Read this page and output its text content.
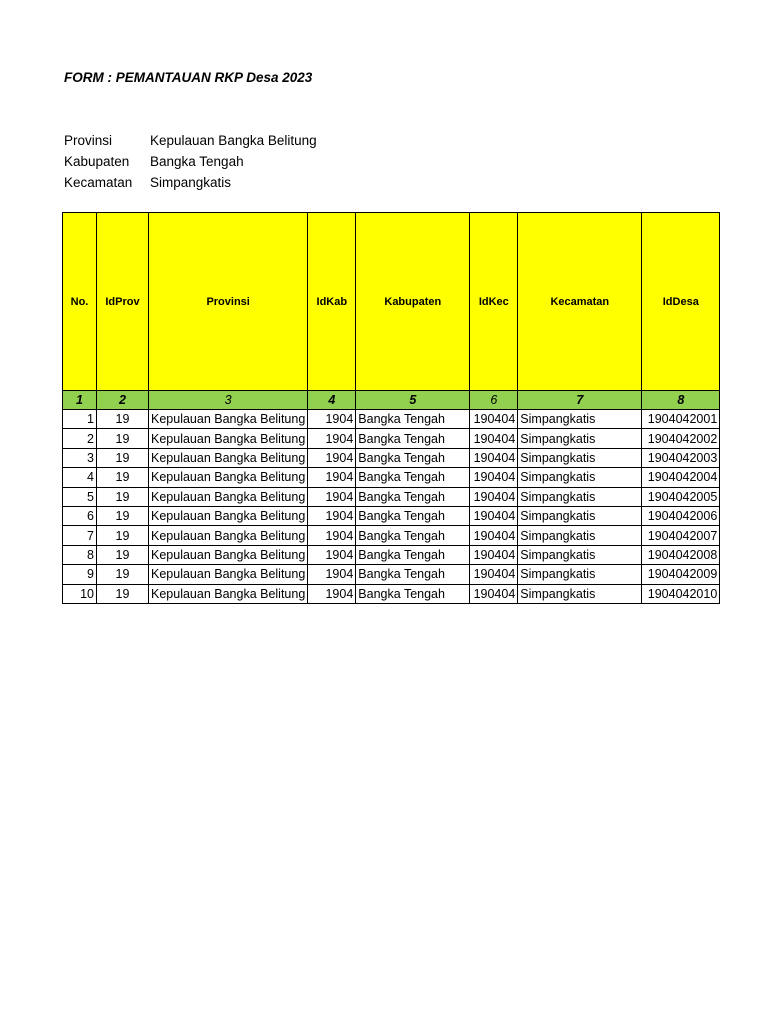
FORM : PEMANTAUAN RKP Desa 2023
Provinsi	Kepulauan Bangka Belitung
Kabupaten	Bangka Tengah
Kecamatan	Simpangkatis
No.	IdProv	Provinsi	IdKab	Kabupaten	IdKec	Kecamatan	IdDesa
1	2	3	4	5	6	7	8
1	19	Kepulauan Bangka Belitung	1904	Bangka Tengah	190404	Simpangkatis	1904042001
2	19	Kepulauan Bangka Belitung	1904	Bangka Tengah	190404	Simpangkatis	1904042002
3	19	Kepulauan Bangka Belitung	1904	Bangka Tengah	190404	Simpangkatis	1904042003
4	19	Kepulauan Bangka Belitung	1904	Bangka Tengah	190404	Simpangkatis	1904042004
5	19	Kepulauan Bangka Belitung	1904	Bangka Tengah	190404	Simpangkatis	1904042005
6	19	Kepulauan Bangka Belitung	1904	Bangka Tengah	190404	Simpangkatis	1904042006
7	19	Kepulauan Bangka Belitung	1904	Bangka Tengah	190404	Simpangkatis	1904042007
8	19	Kepulauan Bangka Belitung	1904	Bangka Tengah	190404	Simpangkatis	1904042008
9	19	Kepulauan Bangka Belitung	1904	Bangka Tengah	190404	Simpangkatis	1904042009
10	19	Kepulauan Bangka Belitung	1904	Bangka Tengah	190404	Simpangkatis	1904042010
